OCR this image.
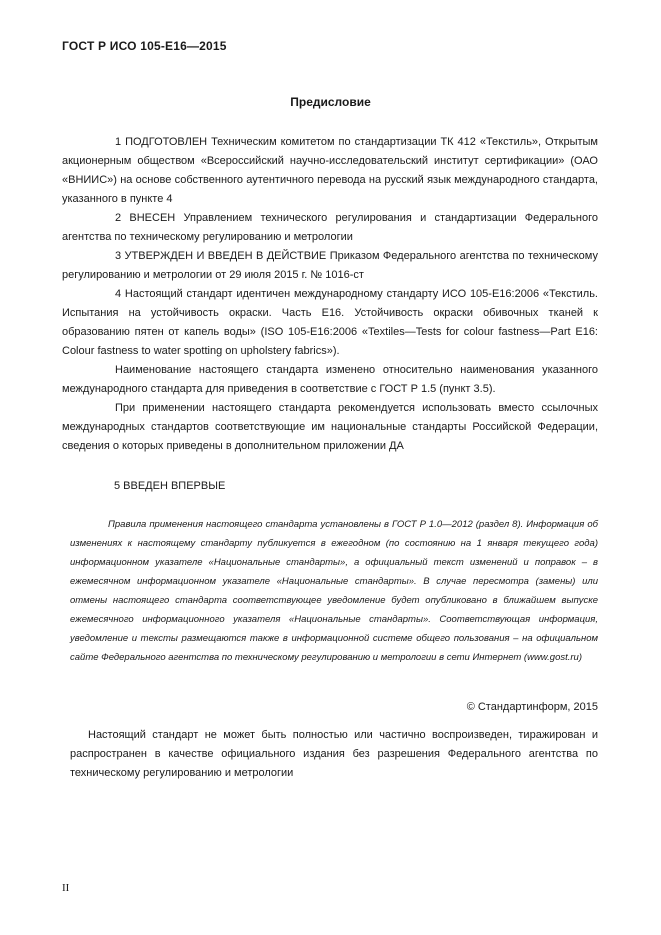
ГОСТ Р ИСО 105-Е16—2015
Предисловие

1 ПОДГОТОВЛЕН Техническим комитетом по стандартизации ТК 412 «Текстиль», Открытым акционерным обществом «Всероссийский научно-исследовательский институт сертификации» (ОАО «ВНИИС») на основе собственного аутентичного перевода на русский язык международного стандарта, указанного в пункте 4

2 ВНЕСЕН Управлением технического регулирования и стандартизации Федерального агентства по техническому регулированию и метрологии

3 УТВЕРЖДЕН И ВВЕДЕН В ДЕЙСТВИЕ Приказом Федерального агентства по техническому регулированию и метрологии от 29 июля 2015 г. № 1016-ст

4 Настоящий стандарт идентичен международному стандарту ИСО 105-Е16:2006 «Текстиль. Испытания на устойчивость окраски. Часть Е16. Устойчивость окраски обивочных тканей к образованию пятен от капель воды» (ISO 105-E16:2006 «Textiles—Tests for colour fastness—Part E16: Colour fastness to water spotting on upholstery fabrics»).

Наименование настоящего стандарта изменено относительно наименования указанного международного стандарта для приведения в соответствие с ГОСТ Р 1.5 (пункт 3.5).

При применении настоящего стандарта рекомендуется использовать вместо ссылочных международных стандартов соответствующие им национальные стандарты Российской Федерации, сведения о которых приведены в дополнительном приложении ДА

5 ВВЕДЕН ВПЕРВЫЕ

Правила применения настоящего стандарта установлены в ГОСТ Р 1.0—2012 (раздел 8). Информация об изменениях к настоящему стандарту публикуется в ежегодном (по состоянию на 1 января текущего года) информационном указателе «Национальные стандарты», а официальный текст изменений и поправок – в ежемесячном информационном указателе «Национальные стандарты». В случае пересмотра (замены) или отмены настоящего стандарта соответствующее уведомление будет опубликовано в ближайшем выпуске ежемесячного информационного указателя «Национальные стандарты». Соответствующая информация, уведомление и тексты размещаются также в информационной системе общего пользования – на официальном сайте Федерального агентства по техническому регулированию и метрологии в сети Интернет (www.gost.ru)

© Стандартинформ, 2015

Настоящий стандарт не может быть полностью или частично воспроизведен, тиражирован и распространен в качестве официального издания без разрешения Федерального агентства по техническому регулированию и метрологии

II
